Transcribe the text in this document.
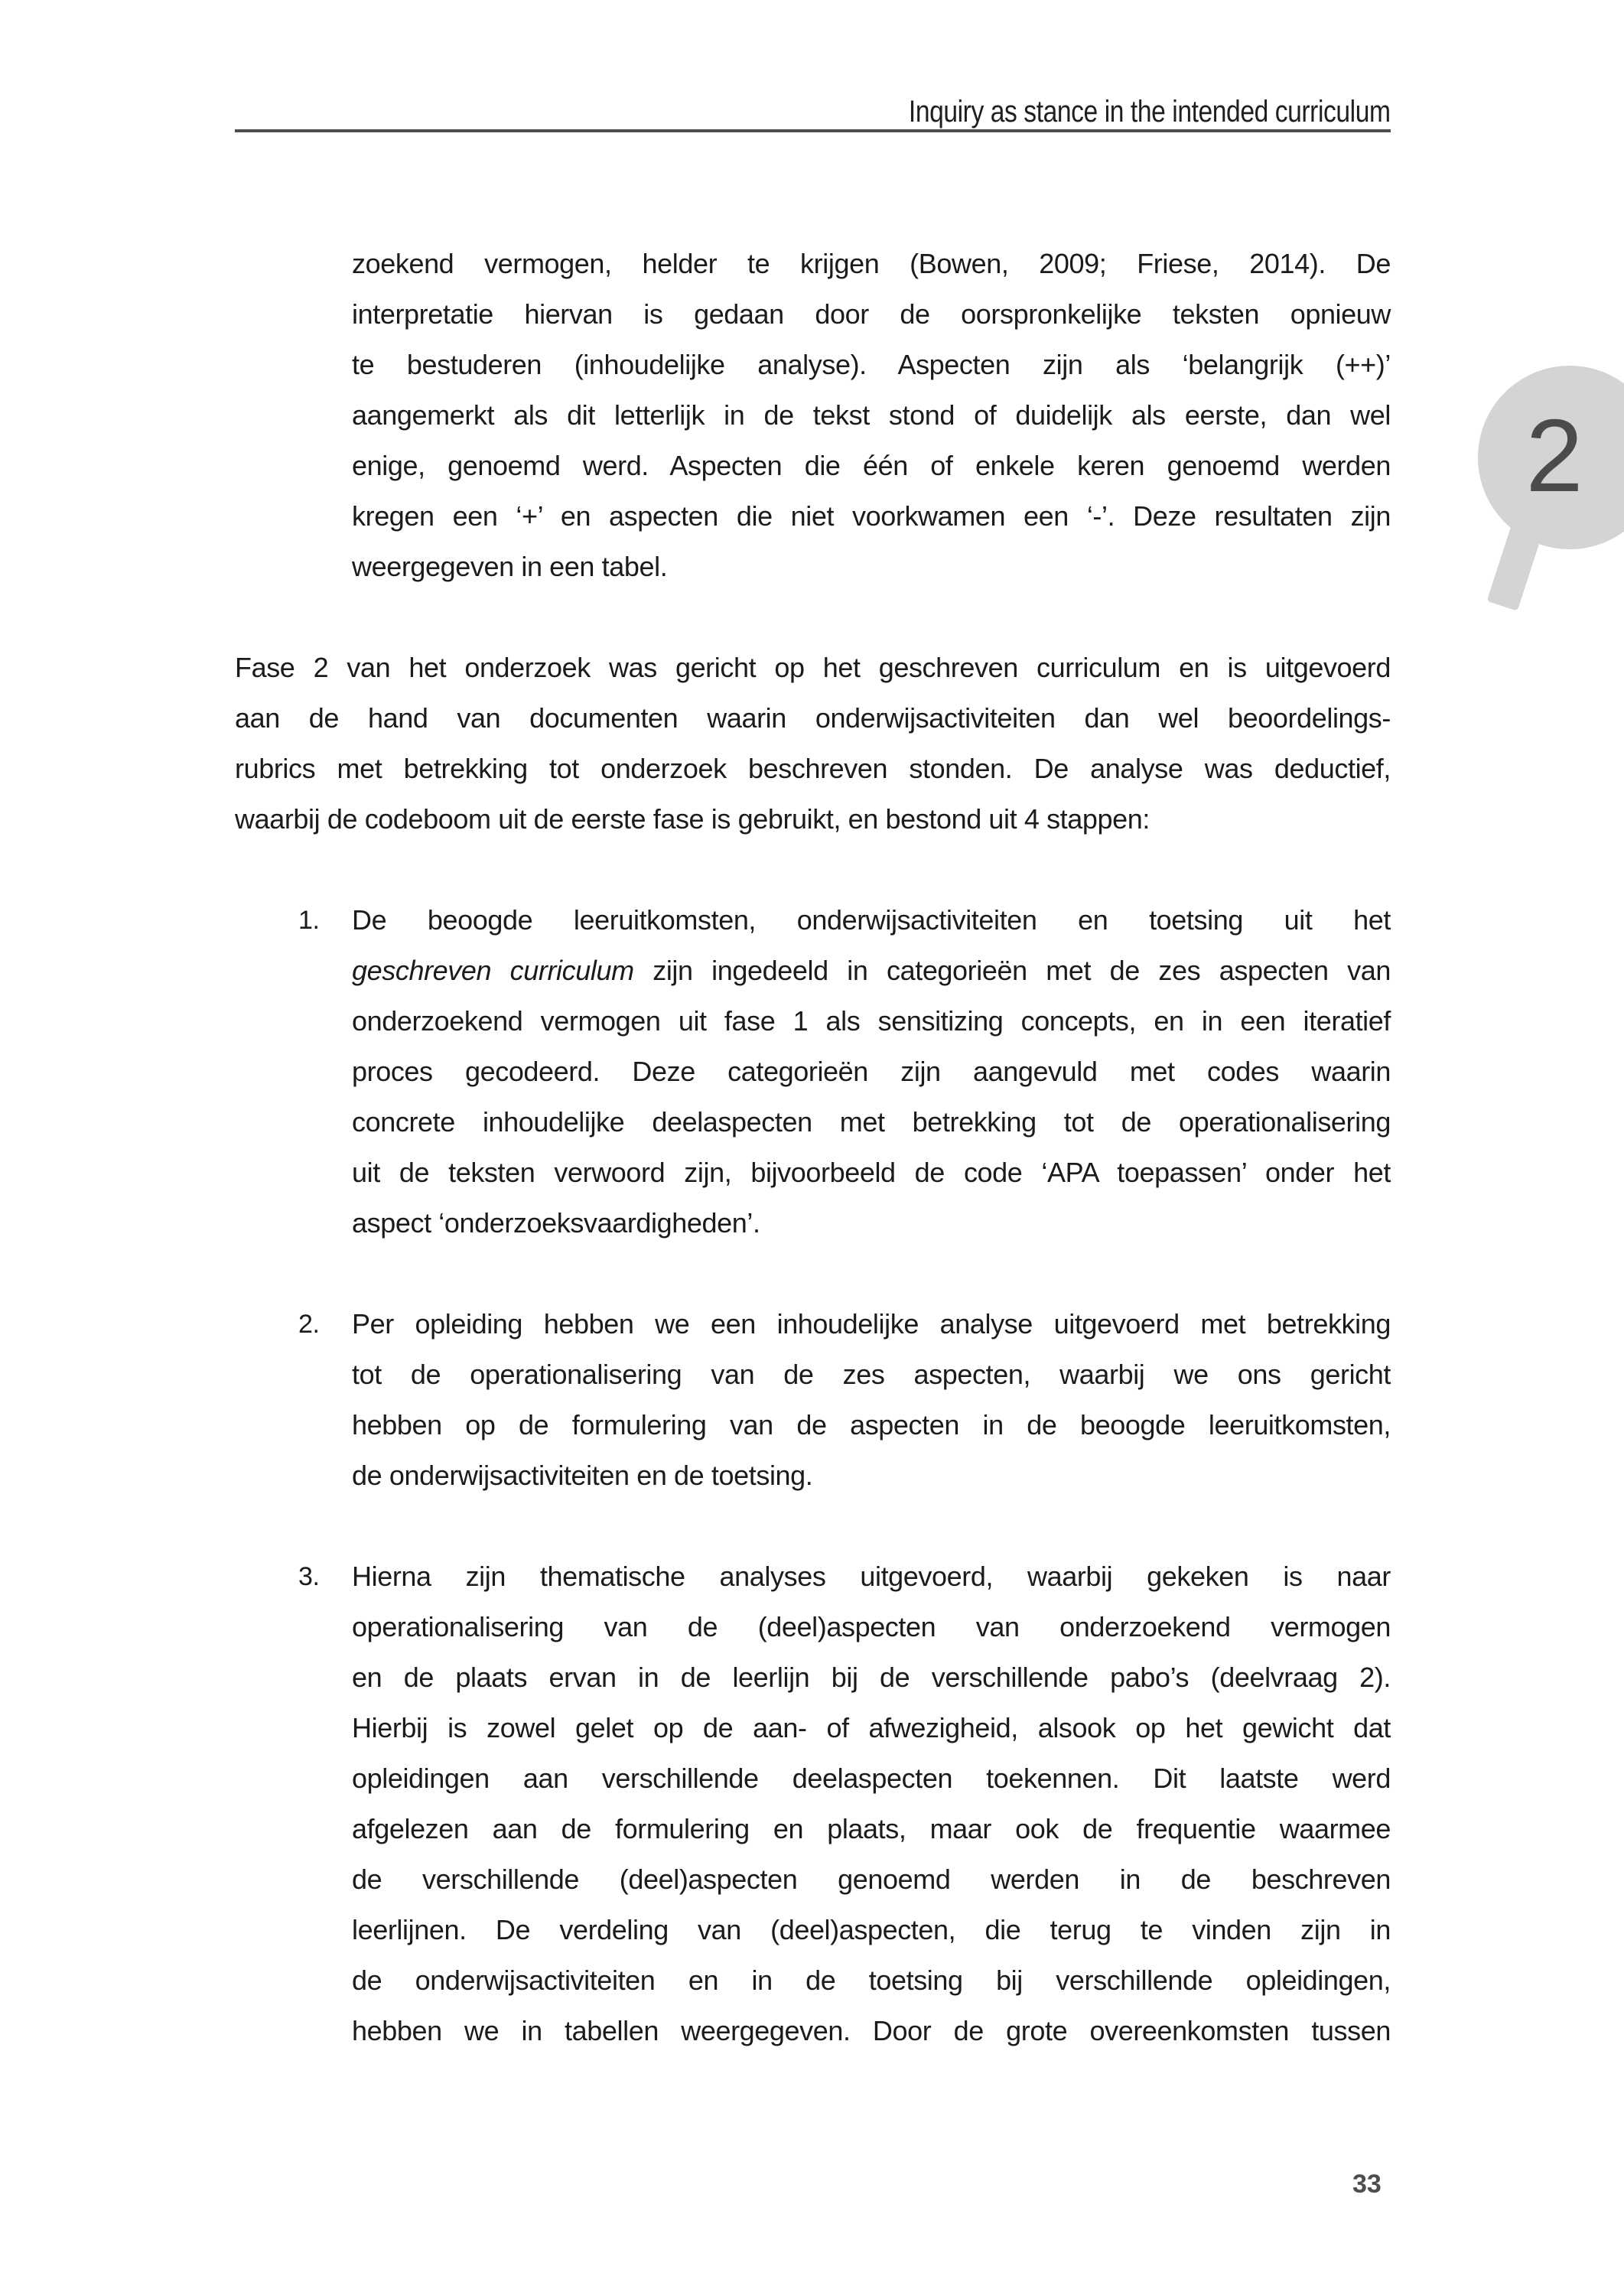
Inquiry as stance in the intended curriculum
2
zoekend vermogen, helder te krijgen (Bowen, 2009; Friese, 2014). De
interpretatie hiervan is gedaan door de oorspronkelijke teksten opnieuw
te bestuderen (inhoudelijke analyse). Aspecten zijn als ‘belangrijk (++)’
aangemerkt als dit letterlijk in de tekst stond of duidelijk als eerste, dan wel
enige, genoemd werd. Aspecten die één of enkele keren genoemd werden
kregen een ‘+’ en aspecten die niet voorkwamen een ‘-’. Deze resultaten zijn
weergegeven in een tabel.
Fase 2 van het onderzoek was gericht op het geschreven curriculum en is uitgevoerd
aan de hand van documenten waarin onderwijsactiviteiten dan wel beoordelings-
rubrics met betrekking tot onderzoek beschreven stonden. De analyse was deductief,
waarbij de codeboom uit de eerste fase is gebruikt, en bestond uit 4 stappen:
1. De beoogde leeruitkomsten, onderwijsactiviteiten en toetsing uit het
geschreven curriculum zijn ingedeeld in categorieën met de zes aspecten van
onderzoekend vermogen uit fase 1 als sensitizing concepts, en in een iteratief
proces gecodeerd. Deze categorieën zijn aangevuld met codes waarin
concrete inhoudelijke deelaspecten met betrekking tot de operationalisering
uit de teksten verwoord zijn, bijvoorbeeld de code ‘APA toepassen’ onder het
aspect ‘onderzoeksvaardigheden’.
2. Per opleiding hebben we een inhoudelijke analyse uitgevoerd met betrekking
tot de operationalisering van de zes aspecten, waarbij we ons gericht
hebben op de formulering van de aspecten in de beoogde leeruitkomsten,
de onderwijsactiviteiten en de toetsing.
3. Hierna zijn thematische analyses uitgevoerd, waarbij gekeken is naar
operationalisering van de (deel)aspecten van onderzoekend vermogen
en de plaats ervan in de leerlijn bij de verschillende pabo’s (deelvraag 2).
Hierbij is zowel gelet op de aan- of afwezigheid, alsook op het gewicht dat
opleidingen aan verschillende deelaspecten toekennen. Dit laatste werd
afgelezen aan de formulering en plaats, maar ook de frequentie waarmee
de verschillende (deel)aspecten genoemd werden in de beschreven
leerlijnen. De verdeling van (deel)aspecten, die terug te vinden zijn in
de onderwijsactiviteiten en in de toetsing bij verschillende opleidingen,
hebben we in tabellen weergegeven. Door de grote overeenkomsten tussen
33
